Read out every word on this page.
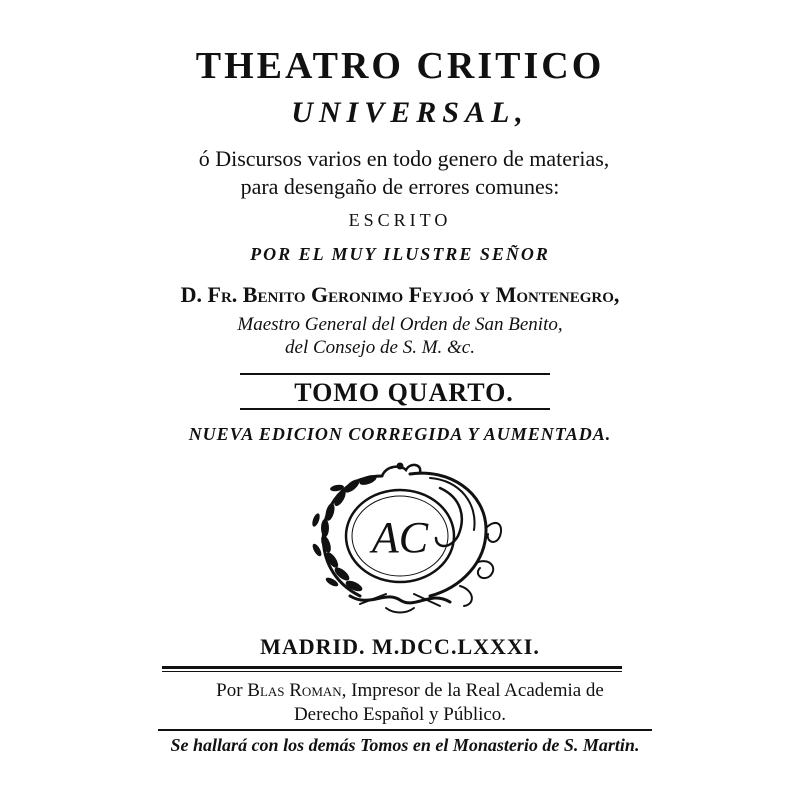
THEATRO CRITICO
UNIVERSAL,
ó Discursos varios en todo genero de materias,
para desengaño de errores comunes:
ESCRITO
POR EL MUY ILUSTRE SEÑOR
D. Fr. Benito Geronimo Feyjoó y Montenegro,
Maestro General del Orden de San Benito,
del Consejo de S. M. &c.
TOMO QUARTO.
NUEVA EDICION CORREGIDA Y AUMENTADA.
AC
MADRID. M.DCC.LXXXI.
Por Blas Roman, Impresor de la Real Academia de
Derecho Español y Público.
Se hallará con los demás Tomos en el Monasterio de S. Martin.
